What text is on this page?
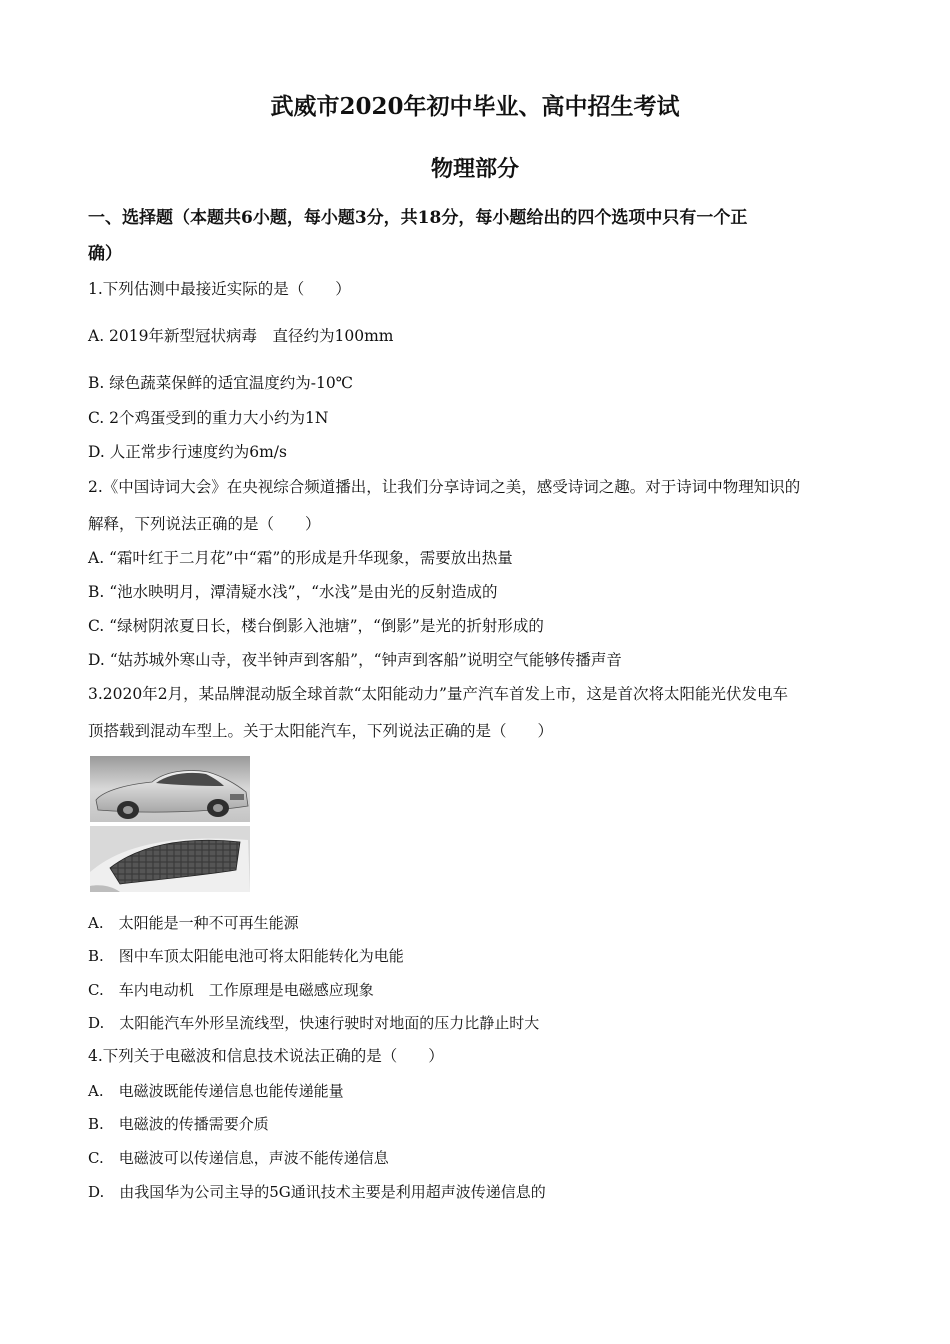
武威市2020年初中毕业、高中招生考试
物理部分
一、选择题（本题共6小题，每小题3分，共18分，每小题给出的四个选项中只有一个正
确）
1.下列估测中最接近实际的是（　　）
A. 2019年新型冠状病毒　直径约为100mm
B. 绿色蔬菜保鲜的适宜温度约为-10℃
C. 2个鸡蛋受到的重力大小约为1N
D. 人正常步行速度约为6m/s
2.《中国诗词大会》在央视综合频道播出，让我们分享诗词之美，感受诗词之趣。对于诗词中物理知识的
解释，下列说法正确的是（　　）
A. “霜叶红于二月花”中“霜”的形成是升华现象，需要放出热量
B. “池水映明月，潭清疑水浅”，“水浅”是由光的反射造成的
C. “绿树阴浓夏日长，楼台倒影入池塘”，“倒影”是光的折射形成的
D. “姑苏城外寒山寺，夜半钟声到客船”，“钟声到客船”说明空气能够传播声音
3.2020年2月，某品牌混动版全球首款“太阳能动力”量产汽车首发上市，这是首次将太阳能光伏发电车
顶搭载到混动车型上。关于太阳能汽车，下列说法正确的是（　　）
A.　太阳能是一种不可再生能源
B.　图中车顶太阳能电池可将太阳能转化为电能
C.　车内电动机　工作原理是电磁感应现象
D.　太阳能汽车外形呈流线型，快速行驶时对地面的压力比静止时大
4.下列关于电磁波和信息技术说法正确的是（　　）
A.　电磁波既能传递信息也能传递能量
B.　电磁波的传播需要介质
C.　电磁波可以传递信息，声波不能传递信息
D.　由我国华为公司主导的5G通讯技术主要是利用超声波传递信息的
